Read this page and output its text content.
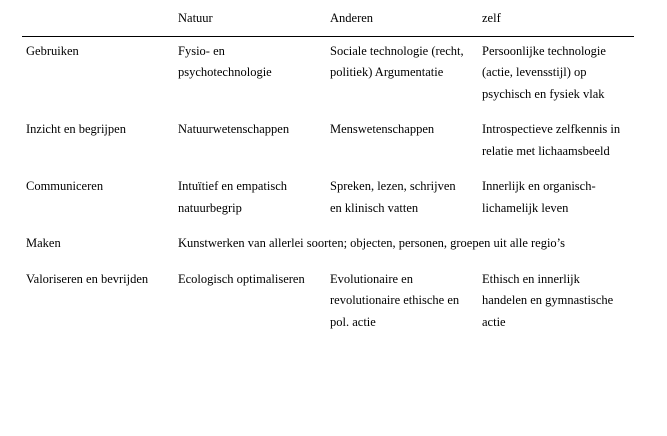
	Natuur	Anderen	zelf
Gebruiken	Fysio- en psychotechnologie	Sociale technologie (recht, politiek) Argumentatie	Persoonlijke technologie (actie, levensstijl) op psychisch en fysiek vlak
Inzicht en begrijpen	Natuurwetenschappen	Menswetenschappen	Introspectieve zelfkennis in relatie met lichaamsbeeld
Communiceren	Intuïtief en empatisch natuurbegrip	Spreken, lezen, schrijven en klinisch vatten	Innerlijk en organisch-lichamelijk leven
Maken	Kunstwerken van allerlei soorten; objecten, personen, groepen uit alle regio’s		
Valoriseren en bevrijden	Ecologisch optimaliseren	Evolutionaire en revolutionaire ethische en pol. actie	Ethisch en innerlijk handelen en gymnastische actie
